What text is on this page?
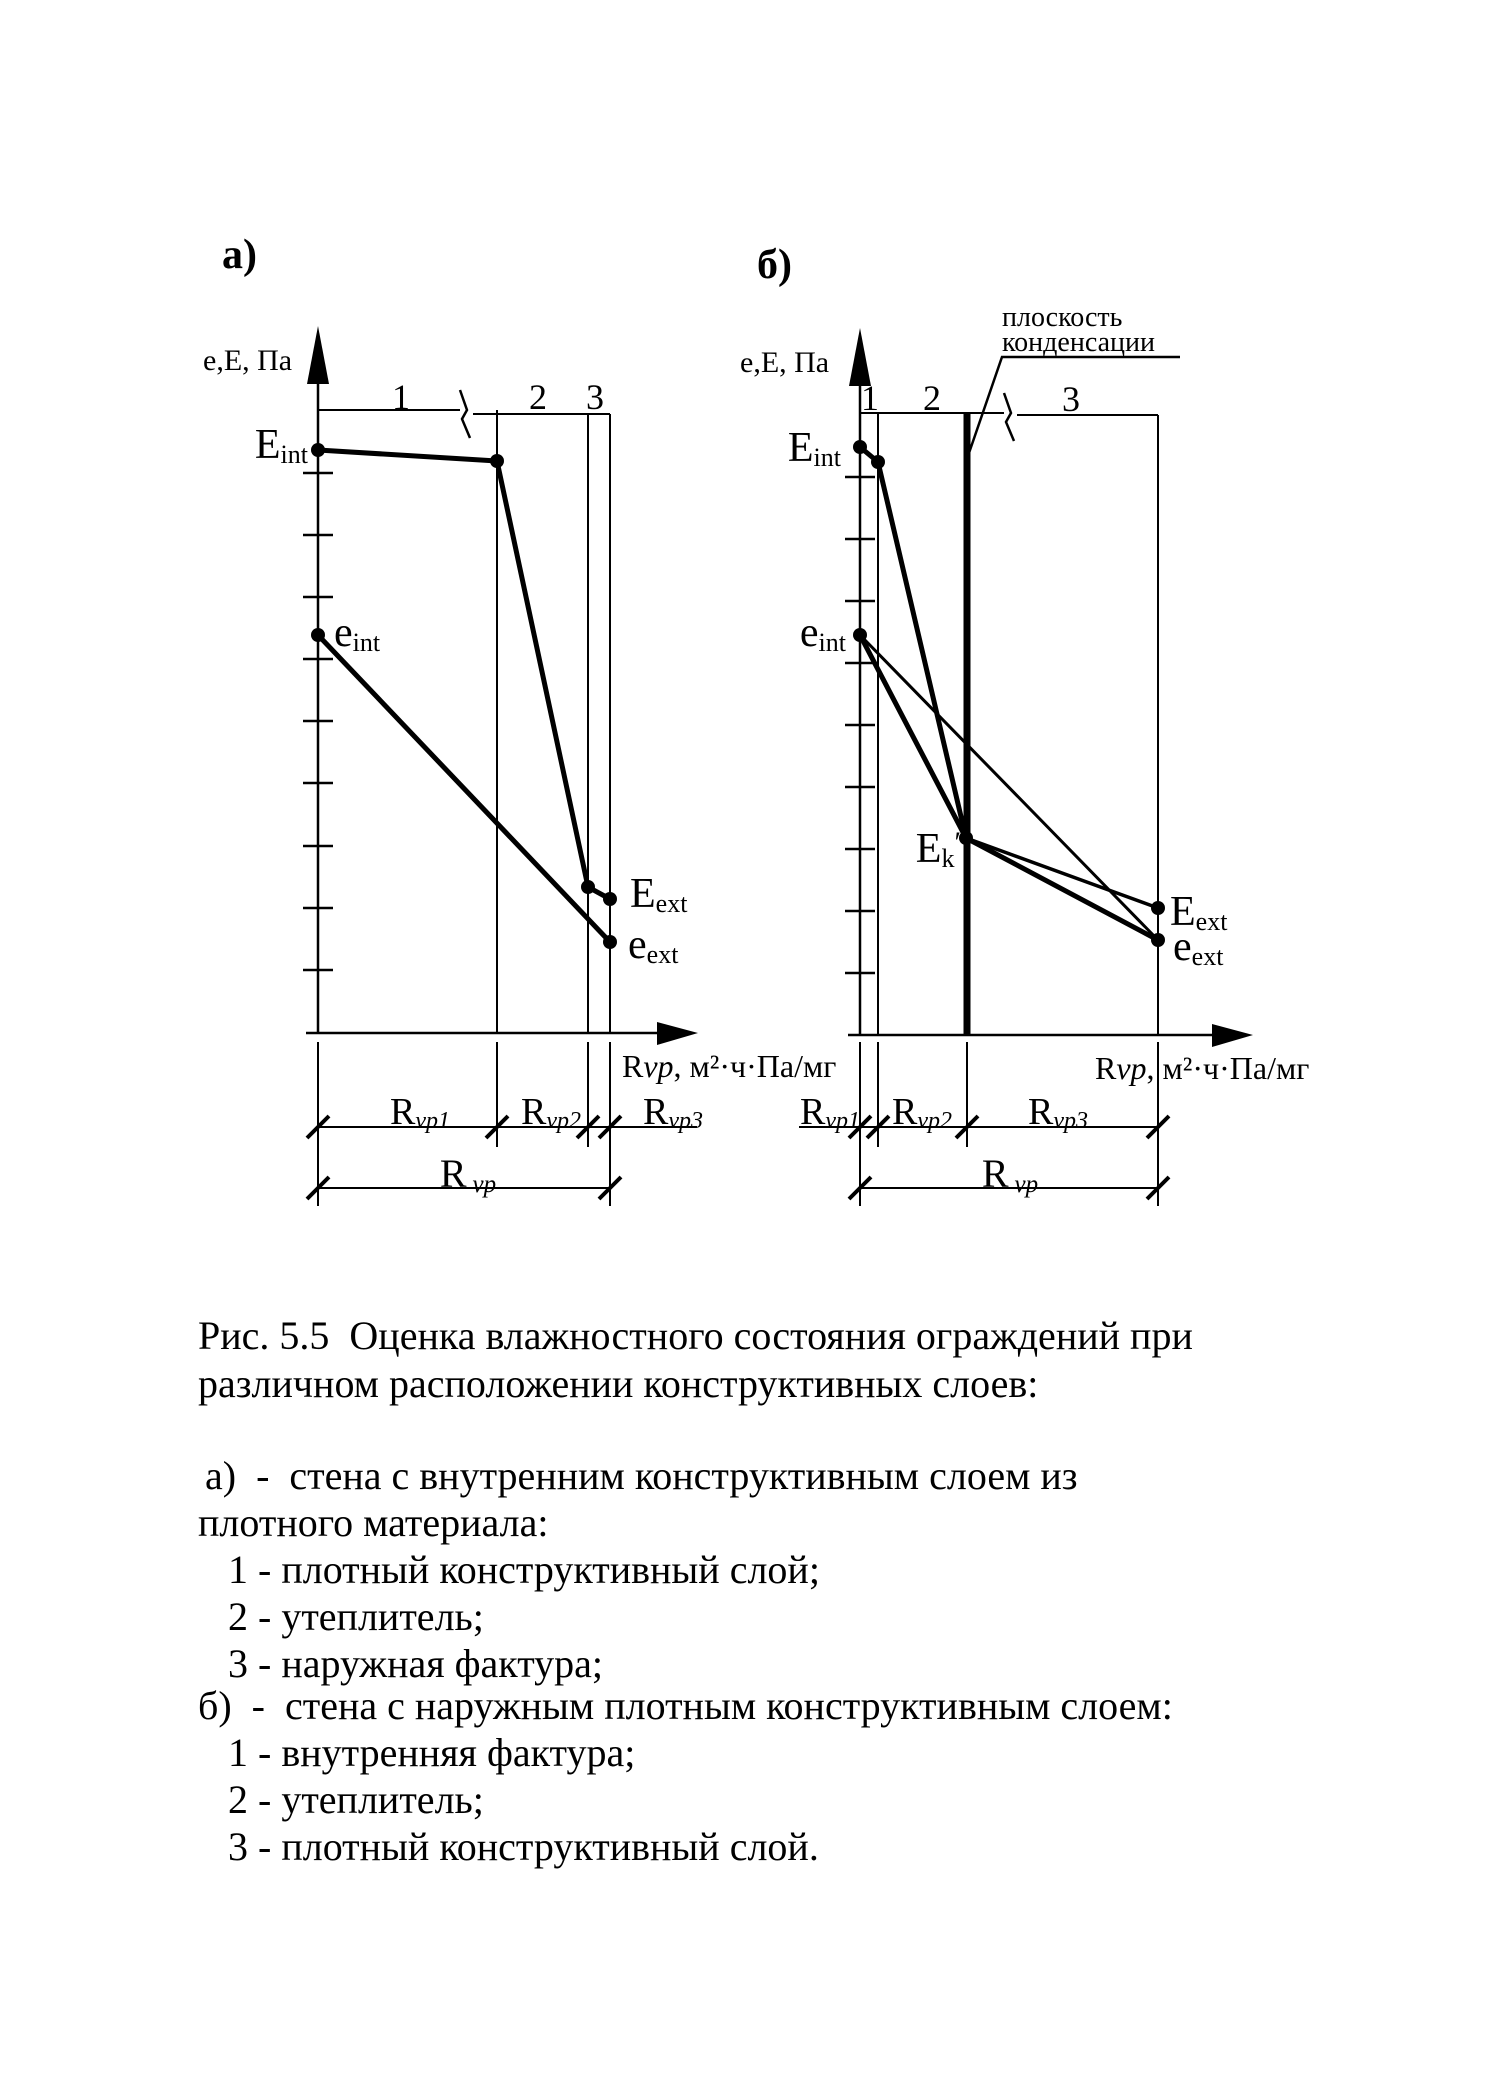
а)
е,Е, Па
1	2 3
Eint
eint
Eext
eext
Rvp, м²·ч·Па/мг
Rvp1 Rvp2 Rvp3
Rvp
б)
е,Е, Па
плоскость
конденсации
1 2	3
Eint
eint
Ek′
Eext
eext
Rvp, м²·ч·Па/мг
Rvp1 Rvp2 Rvp3
Rvp
Рис. 5.5  Оценка влажностного состояния ограждений при
различном расположении конструктивных слоев:
а)  -  стена с внутренним конструктивным слоем из
плотного материала:
1 - плотный конструктивный слой;
2 - утеплитель;
3 - наружная фактура;
б)  -  стена с наружным плотным конструктивным слоем:
1 - внутренняя фактура;
2 - утеплитель;
3 - плотный конструктивный слой.
